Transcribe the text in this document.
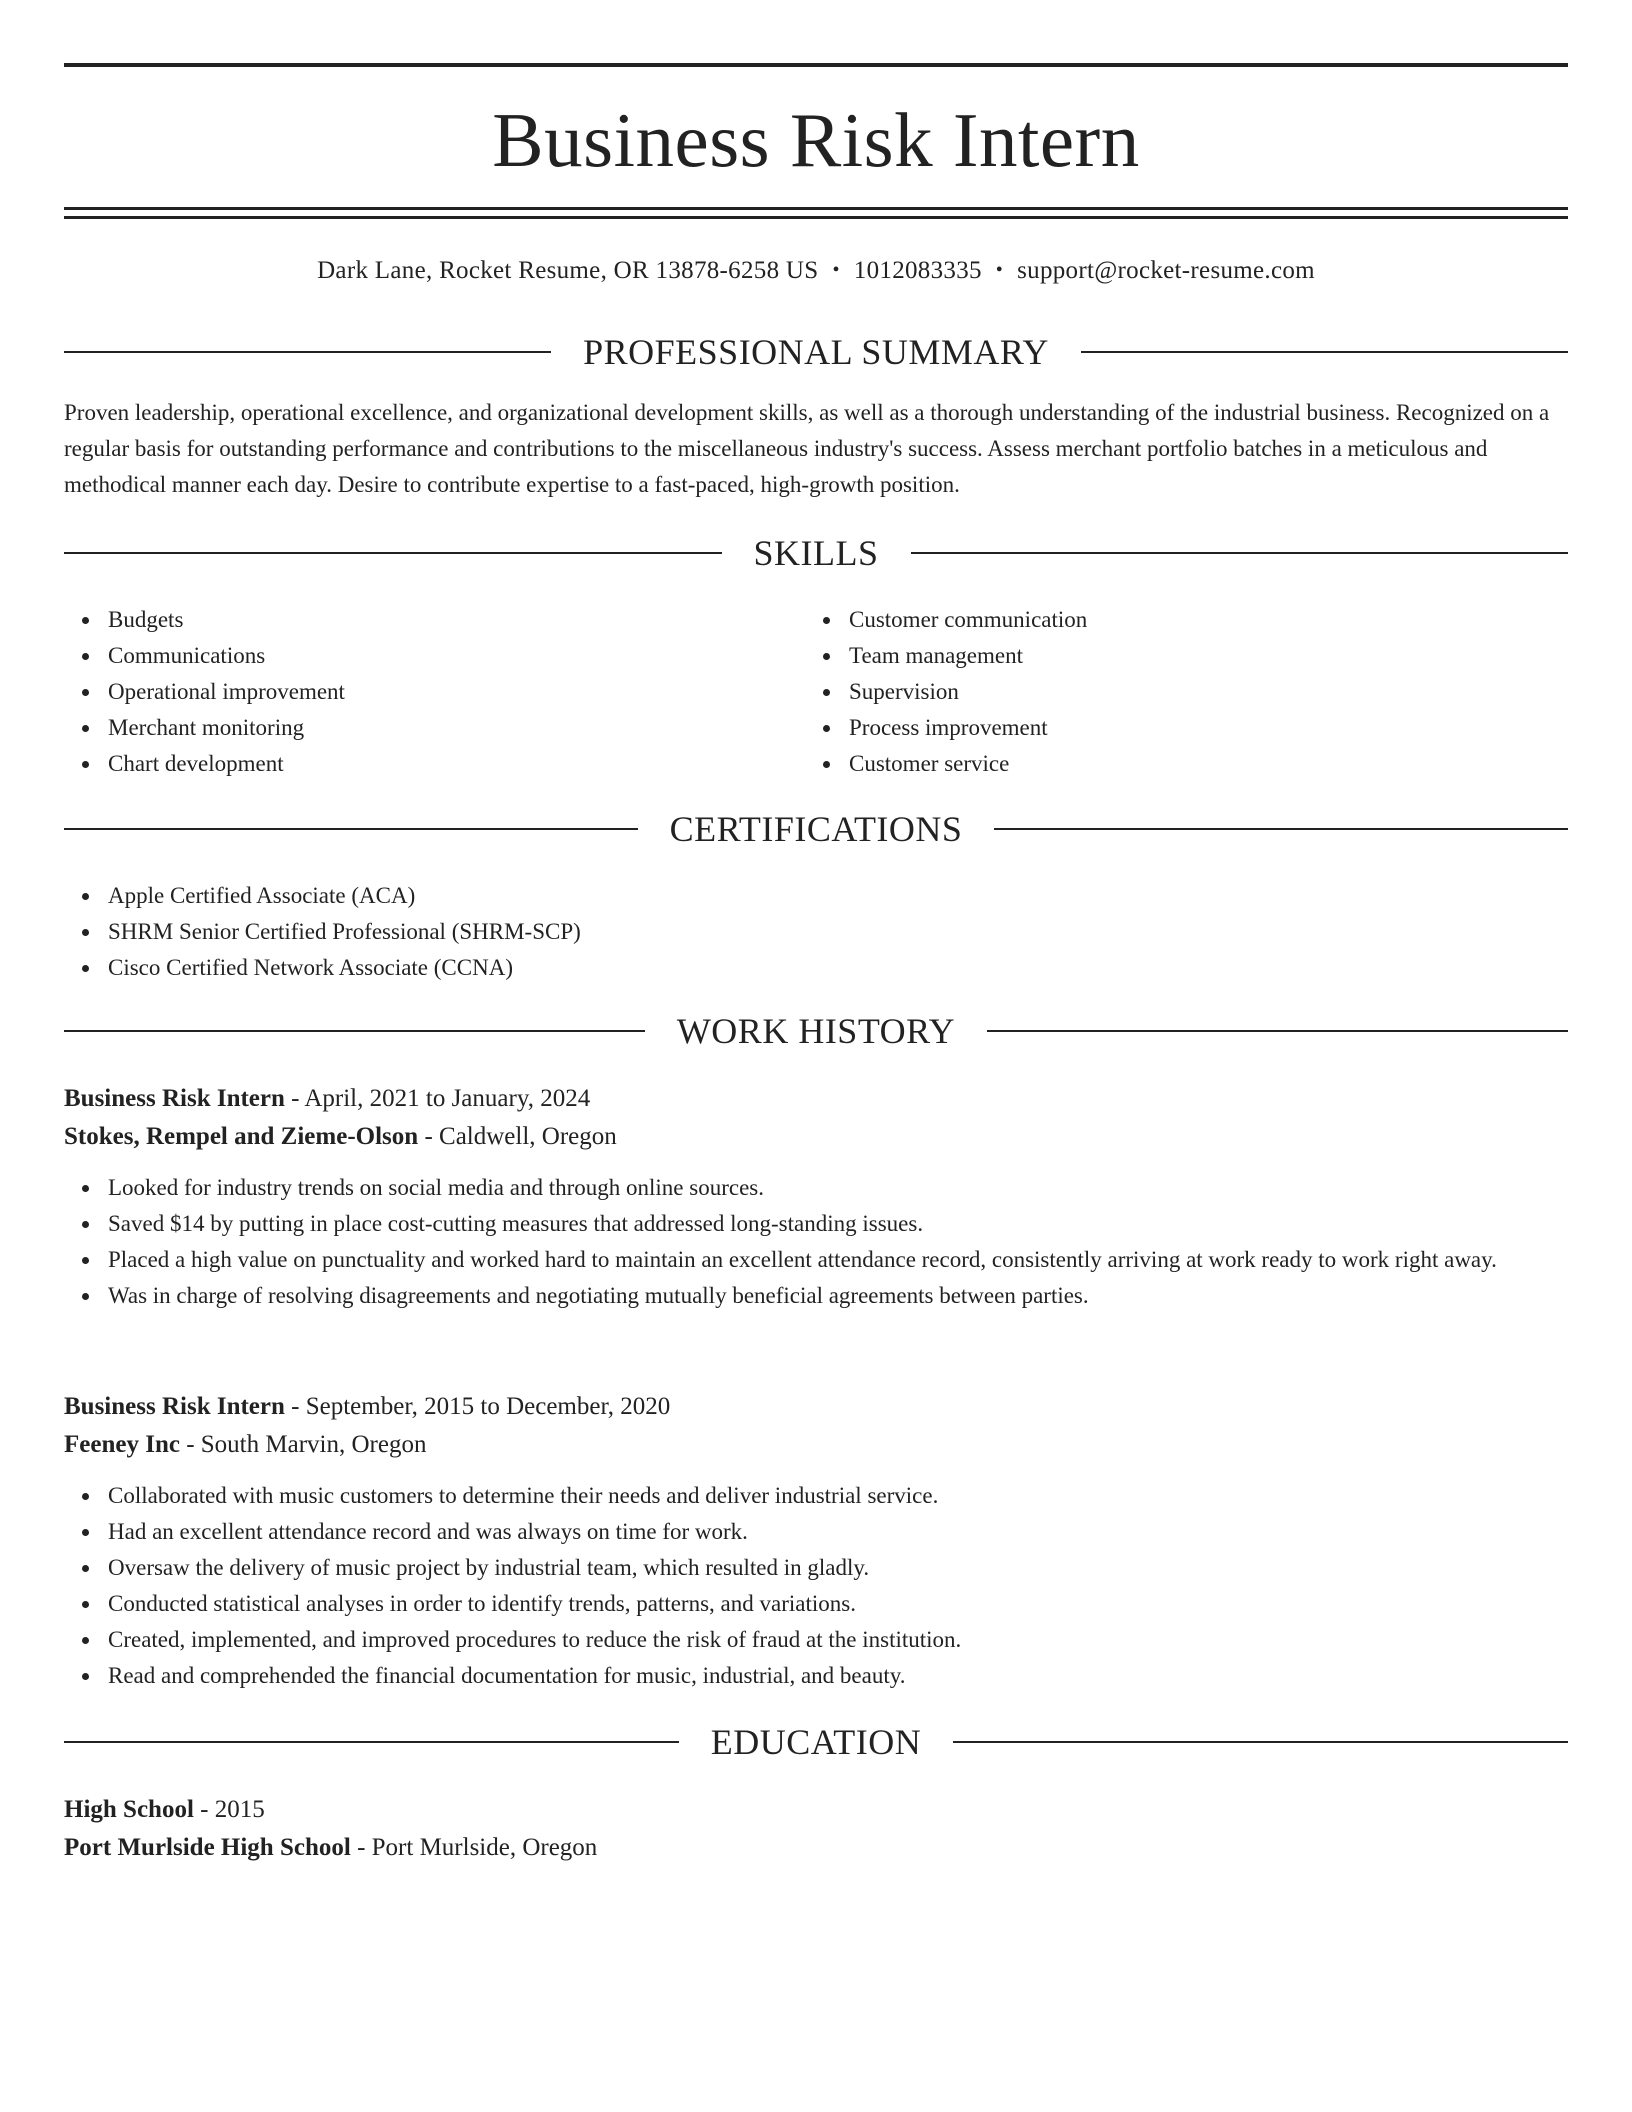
Business Risk Intern
Dark Lane, Rocket Resume, OR 13878-6258 US • 1012083335 • support@rocket-resume.com
PROFESSIONAL SUMMARY
Proven leadership, operational excellence, and organizational development skills, as well as a thorough understanding of the industrial business. Recognized on a regular basis for outstanding performance and contributions to the miscellaneous industry's success. Assess merchant portfolio batches in a meticulous and methodical manner each day. Desire to contribute expertise to a fast-paced, high-growth position.
SKILLS
Budgets
Communications
Operational improvement
Merchant monitoring
Chart development
Customer communication
Team management
Supervision
Process improvement
Customer service
CERTIFICATIONS
Apple Certified Associate (ACA)
SHRM Senior Certified Professional (SHRM-SCP)
Cisco Certified Network Associate (CCNA)
WORK HISTORY
Business Risk Intern - April, 2021 to January, 2024
Stokes, Rempel and Zieme-Olson - Caldwell, Oregon
Looked for industry trends on social media and through online sources.
Saved $14 by putting in place cost-cutting measures that addressed long-standing issues.
Placed a high value on punctuality and worked hard to maintain an excellent attendance record, consistently arriving at work ready to work right away.
Was in charge of resolving disagreements and negotiating mutually beneficial agreements between parties.
Business Risk Intern - September, 2015 to December, 2020
Feeney Inc - South Marvin, Oregon
Collaborated with music customers to determine their needs and deliver industrial service.
Had an excellent attendance record and was always on time for work.
Oversaw the delivery of music project by industrial team, which resulted in gladly.
Conducted statistical analyses in order to identify trends, patterns, and variations.
Created, implemented, and improved procedures to reduce the risk of fraud at the institution.
Read and comprehended the financial documentation for music, industrial, and beauty.
EDUCATION
High School - 2015
Port Murlside High School - Port Murlside, Oregon
